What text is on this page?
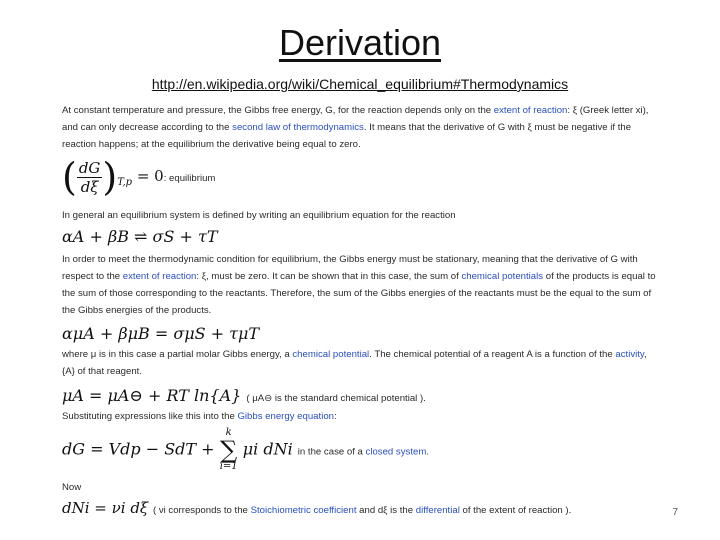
Derivation
http://en.wikipedia.org/wiki/Chemical_equilibrium#Thermodynamics
At constant temperature and pressure, the Gibbs free energy, G, for the reaction depends only on the extent of reaction: ξ (Greek letter xi), and can only decrease according to the second law of thermodynamics. It means that the derivative of G with ξ must be negative if the reaction happens; at the equilibrium the derivative being equal to zero.
( $\frac{dG}{d\xi} )_{T,p} = 0$: equilibrium
In general an equilibrium system is defined by writing an equilibrium equation for the reaction
αA + βB ⇌ σS + τT
In order to meet the thermodynamic condition for equilibrium, the Gibbs energy must be stationary, meaning that the derivative of G with respect to the extent of reaction: ξ, must be zero. It can be shown that in this case, the sum of chemical potentials of the products is equal to the sum of those corresponding to the reactants. Therefore, the sum of the Gibbs energies of the reactants must be the equal to the sum of the Gibbs energies of the products.
αμA + βμB = σμS + τμT
where μ is in this case a partial molar Gibbs energy, a chemical potential. The chemical potential of a reagent A is a function of the activity, {A} of that reagent.
μA = μA⊖ + RT ln{A} ( μA⊖ is the standard chemical potential ).
Substituting expressions like this into the Gibbs energy equation:
dG = Vdp − SdT +
k
∑
i=1
μi dNi in the case of a closed system.
Now
dNi = νi dξ ( νi corresponds to the Stoichiometric coefficient and dξ is the differential of the extent of reaction ).	7
